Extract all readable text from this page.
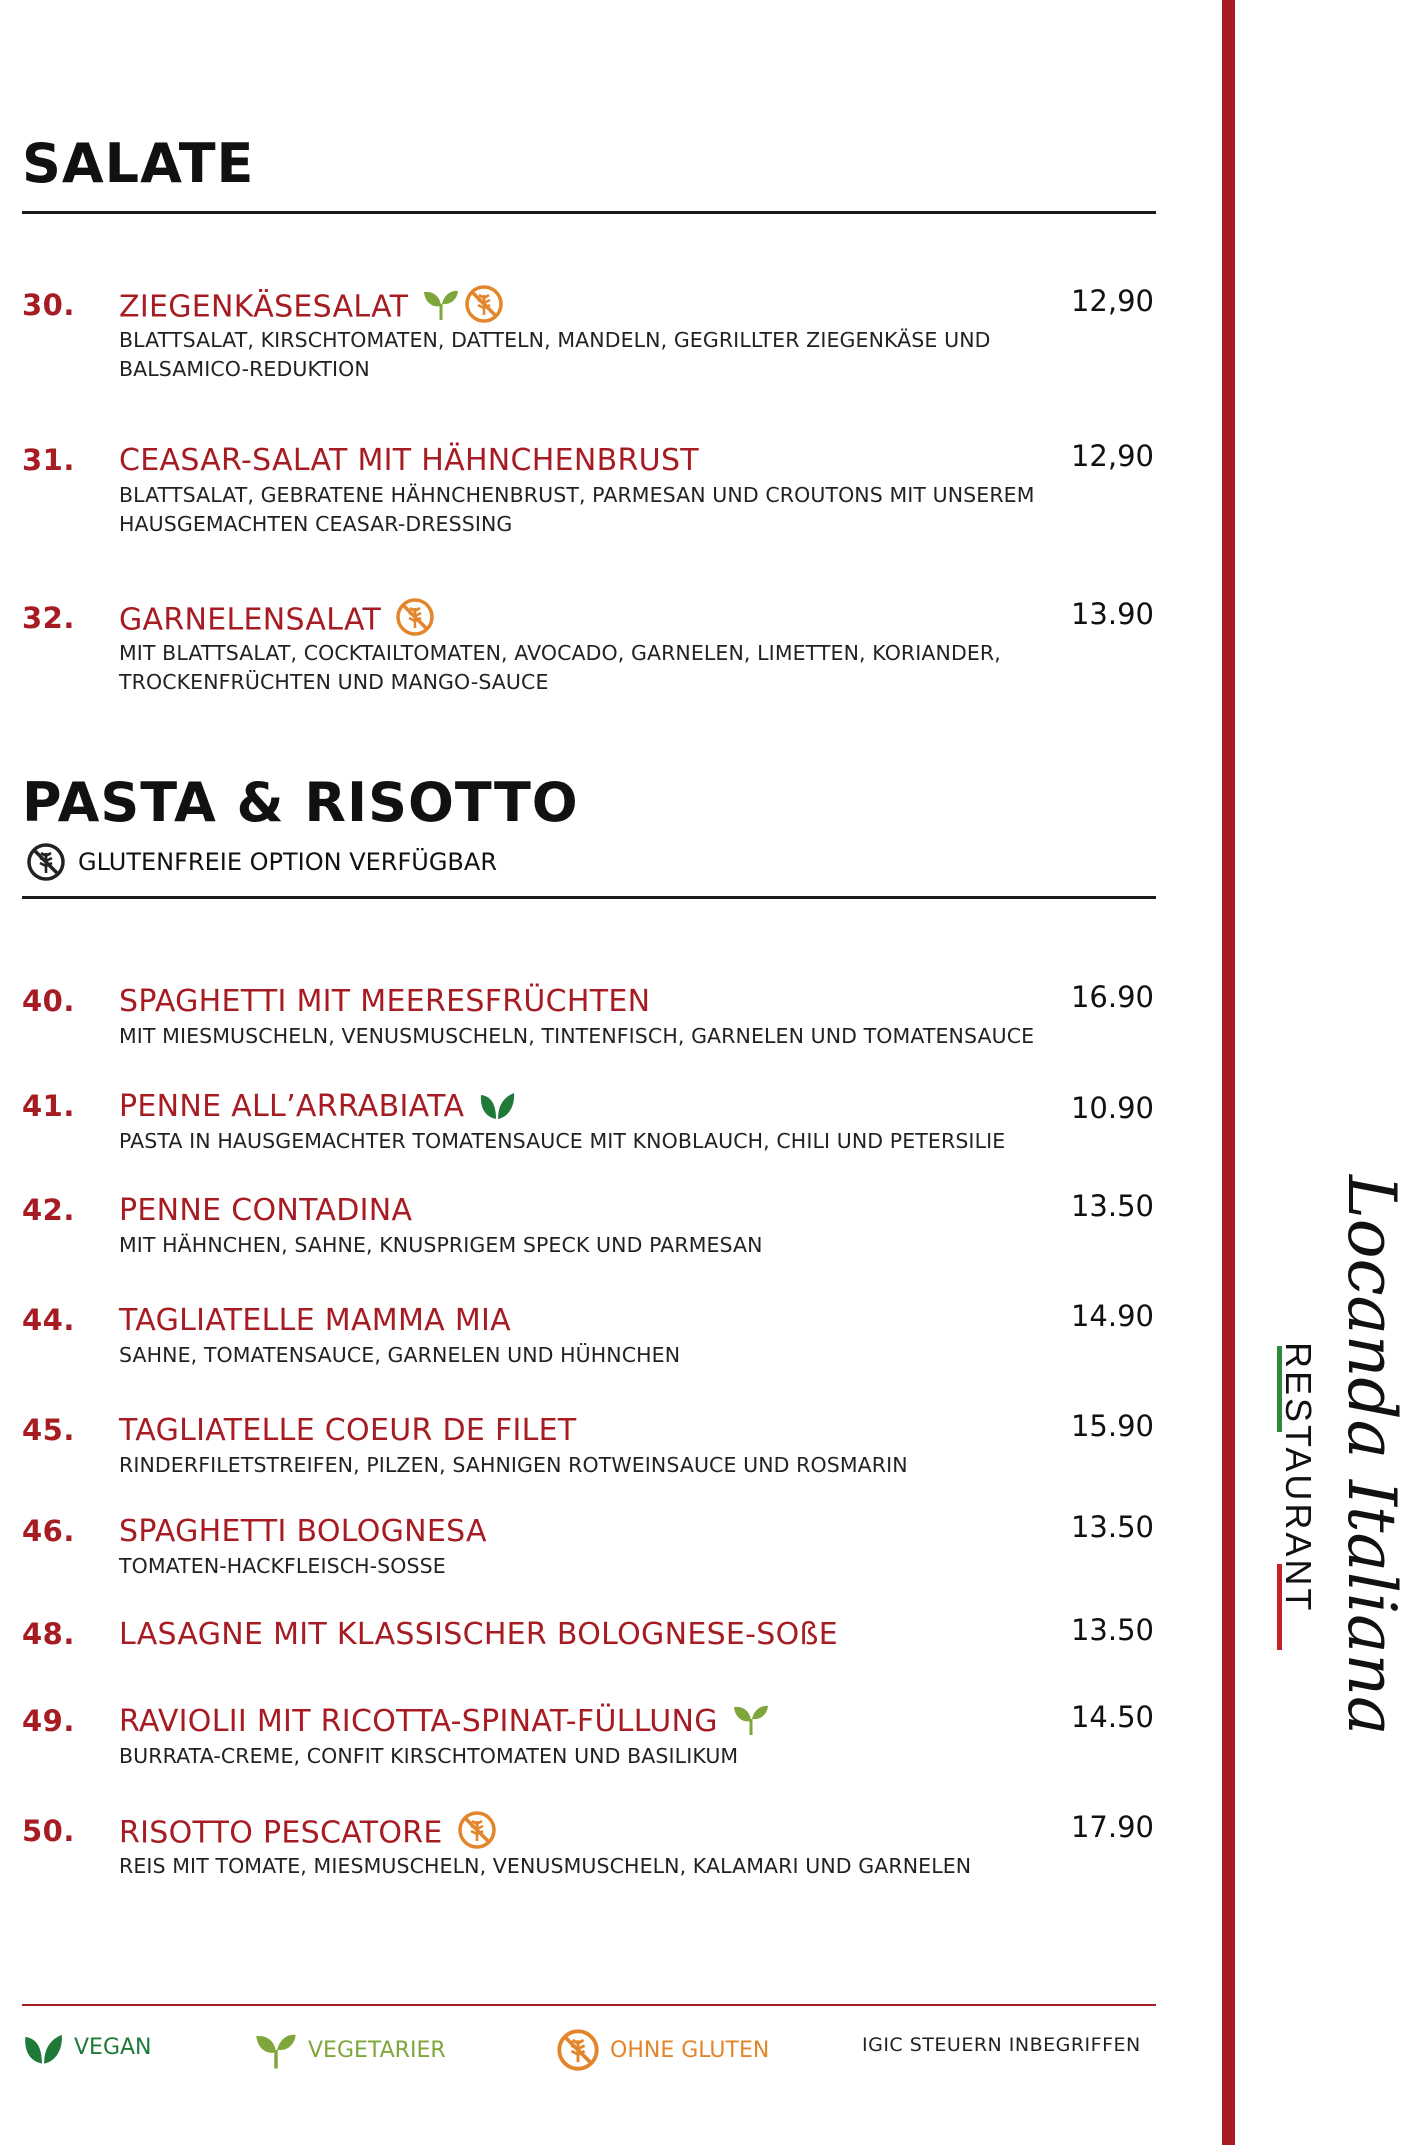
SALATE
30. ZIEGENKÄSESALAT
BLATTSALAT, KIRSCHTOMATEN, DATTELN, MANDELN, GEGRILLTER ZIEGENKÄSE UND BALSAMICO-REDUKTION
12,90
31. CEASAR-SALAT MIT HÄHNCHENBRUST
BLATTSALAT, GEBRATENE HÄHNCHENBRUST, PARMESAN UND CROUTONS MIT UNSEREM HAUSGEMACHTEN CEASAR-DRESSING
12,90
32. GARNELENSALAT
MIT BLATTSALAT, COCKTAILTOMATEN, AVOCADO, GARNELEN, LIMETTEN, KORIANDER, TROCKENFRÜCHTEN UND MANGO-SAUCE
13.90
PASTA & RISOTTO
GLUTENFREIE OPTION VERFÜGBAR
40. SPAGHETTI MIT MEERESFRÜCHTEN
MIT MIESMUSCHELN, VENUSMUSCHELN, TINTENFISCH, GARNELEN UND TOMATENSAUCE
16.90
41. PENNE ALL’ARRABIATA
PASTA IN HAUSGEMACHTER TOMATENSAUCE MIT KNOBLAUCH, CHILI UND PETERSILIE
10.90
42. PENNE CONTADINA
MIT HÄHNCHEN, SAHNE, KNUSPRIGEM SPECK UND PARMESAN
13.50
44. TAGLIATELLE MAMMA MIA
SAHNE, TOMATENSAUCE, GARNELEN UND HÜHNCHEN
14.90
45. TAGLIATELLE COEUR DE FILET
RINDERFILETSTREIFEN, PILZEN, SAHNIGEN ROTWEINSAUCE UND ROSMARIN
15.90
46. SPAGHETTI BOLOGNESA
TOMATEN-HACKFLEISCH-SOSSE
13.50
48. LASAGNE MIT KLASSISCHER BOLOGNESE-SOßE	13.50
49. RAVIOLII MIT RICOTTA-SPINAT-FÜLLUNG
BURRATA-CREME, CONFIT KIRSCHTOMATEN UND BASILIKUM
14.50
50. RISOTTO PESCATORE
REIS MIT TOMATE, MIESMUSCHELN, VENUSMUSCHELN, KALAMARI UND GARNELEN
17.90
VEGAN	VEGETARIER	OHNE GLUTEN	IGIC STEUERN INBEGRIFFEN
Locanda Italiana
RESTAURANT
